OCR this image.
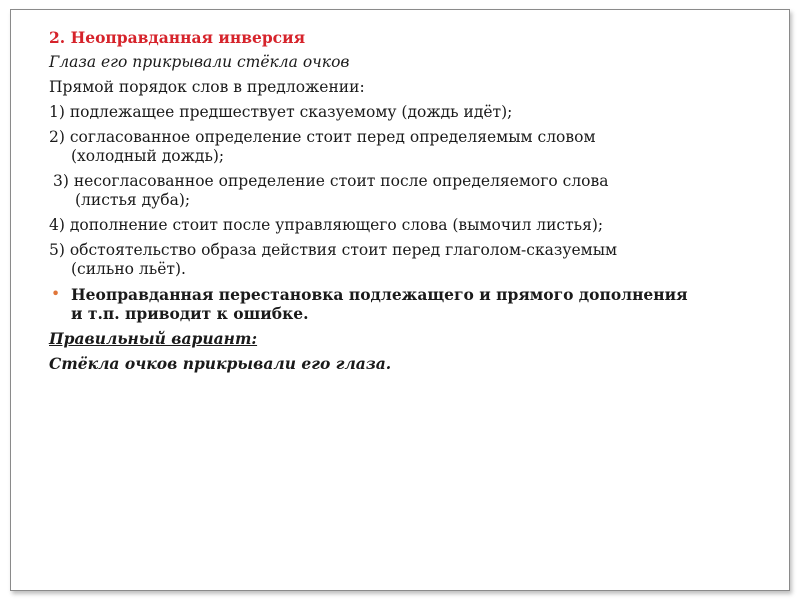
2. Неоправданная инверсия
Глаза его прикрывали стёкла очков
Прямой порядок слов в предложении:
1) подлежащее предшествует сказуемому (дождь идёт);
2) согласованное определение стоит перед определяемым словом
(холодный дождь);
3) несогласованное определение стоит после определяемого слова
(листья дуба);
4) дополнение стоит после управляющего слова (вымочил листья);
5) обстоятельство образа действия стоит перед глаголом-сказуемым
(сильно льёт).
• Неоправданная перестановка подлежащего и прямого дополнения
и т.п. приводит к ошибке.
Правильный вариант:
Стёкла очков прикрывали его глаза.
